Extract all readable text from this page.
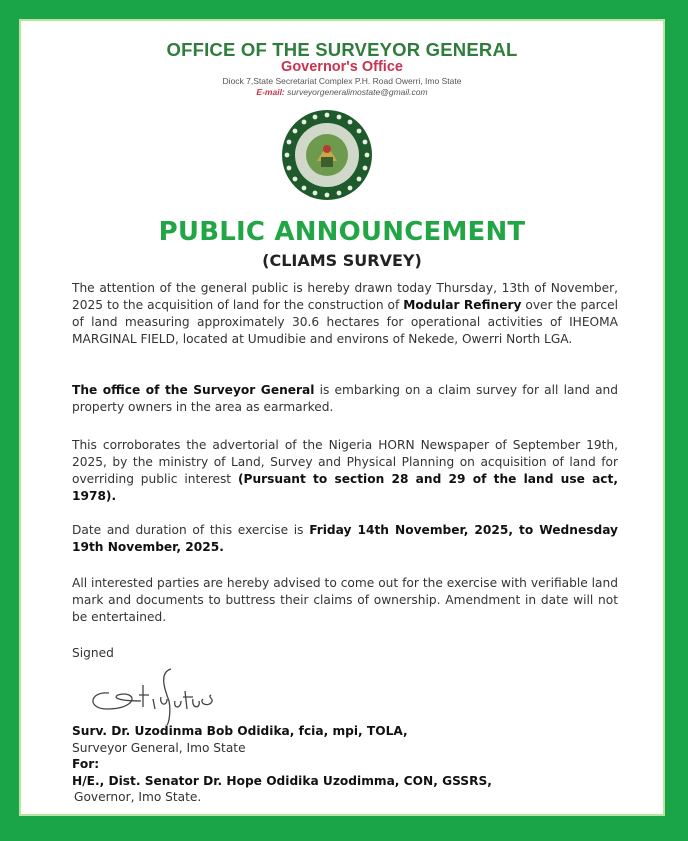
OFFICE OF THE SURVEYOR GENERAL
Governor's Office
Diock 7,State Secretariat Complex P.H. Road Owerri, Imo State
E-mail: surveyorgeneralimostate@gmail.com
PUBLIC ANNOUNCEMENT
(CLIAMS SURVEY)
The attention of the general public is hereby drawn today Thursday, 13th of November, 2025 to the acquisition of land for the construction of Modular Refinery over the parcel of land measuring approximately 30.6 hectares for operational activities of IHEOMA MARGINAL FIELD, located at Umudibie and environs of Nekede, Owerri North LGA.
The office of the Surveyor General is embarking on a claim survey for all land and property owners in the area as earmarked.
This corroborates the advertorial of the Nigeria HORN Newspaper of September 19th, 2025, by the ministry of Land, Survey and Physical Planning on acquisition of land for overriding public interest (Pursuant to section 28 and 29 of the land use act, 1978).
Date and duration of this exercise is Friday 14th November, 2025, to Wednesday 19th November, 2025.
All interested parties are hereby advised to come out for the exercise with verifiable land mark and documents to buttress their claims of ownership. Amendment in date will not be entertained.
Signed
Surv. Dr. Uzodinma Bob Odidika, fcia, mpi, TOLA,
Surveyor General, Imo State
For:
H/E., Dist. Senator Dr. Hope Odidika Uzodimma, CON, GSSRS,
Governor, Imo State.
